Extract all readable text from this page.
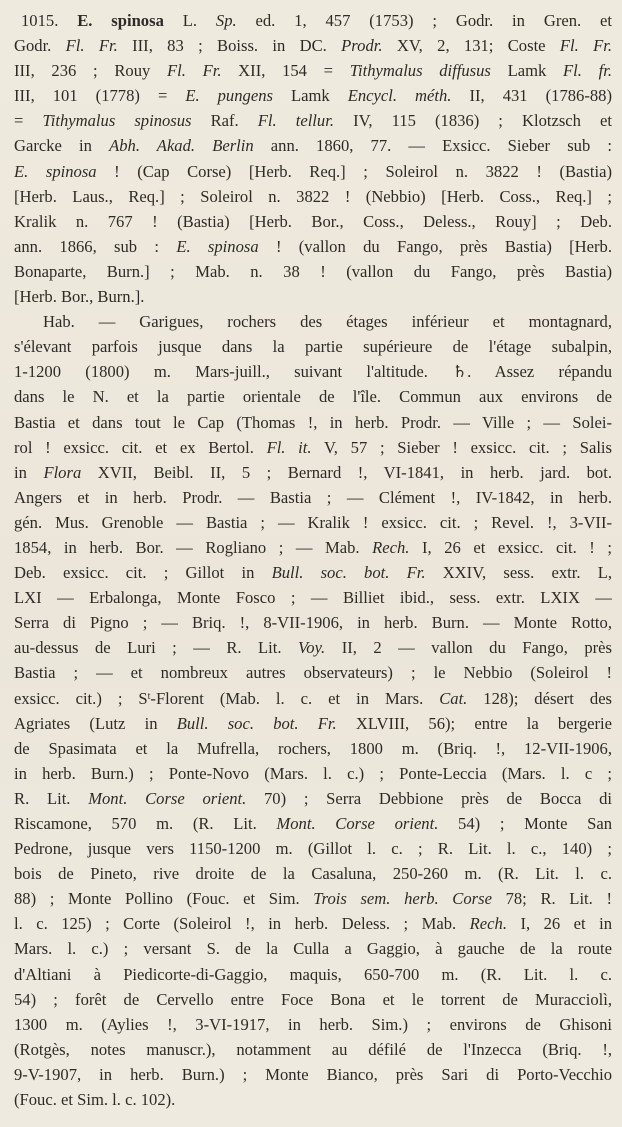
1015. E. spinosa L. Sp. ed. 1, 457 (1753) ; Godr. in Gren. et
Godr. Fl. Fr. III, 83 ; Boiss. in DC. Prodr. XV, 2, 131; Coste Fl. Fr.
III, 236 ; Rouy Fl. Fr. XII, 154 = Tithymalus diffusus Lamk Fl. fr.
III, 101 (1778) = E. pungens Lamk Encycl. méth. II, 431 (1786-88)
= Tithymalus spinosus Raf. Fl. tellur. IV, 115 (1836) ; Klotzsch et
Garcke in Abh. Akad. Berlin ann. 1860, 77. — Exsicc. Sieber sub :
E. spinosa ! (Cap Corse) [Herb. Req.] ; Soleirol n. 3822 ! (Bastia)
[Herb. Laus., Req.] ; Soleirol n. 3822 ! (Nebbio) [Herb. Coss., Req.] ;
Kralik n. 767 ! (Bastia) [Herb. Bor., Coss., Deless., Rouy] ; Deb.
ann. 1866, sub : E. spinosa ! (vallon du Fango, près Bastia) [Herb.
Bonaparte, Burn.] ; Mab. n. 38 ! (vallon du Fango, près Bastia)
[Herb. Bor., Burn.].
Hab. — Garigues, rochers des étages inférieur et montagnard,
s'élevant parfois jusque dans la partie supérieure de l'étage subalpin,
1-1200 (1800) m. Mars-juill., suivant l'altitude. ♄. Assez répandu
dans le N. et la partie orientale de l'île. Commun aux environs de
Bastia et dans tout le Cap (Thomas !, in herb. Prodr. — Ville ; — Solei-
rol ! exsicc. cit. et ex Bertol. Fl. it. V, 57 ; Sieber ! exsicc. cit. ; Salis
in Flora XVII, Beibl. II, 5 ; Bernard !, VI-1841, in herb. jard. bot.
Angers et in herb. Prodr. — Bastia ; — Clément !, IV-1842, in herb.
gén. Mus. Grenoble — Bastia ; — Kralik ! exsicc. cit. ; Revel. !, 3-VII-
1854, in herb. Bor. — Rogliano ; — Mab. Rech. I, 26 et exsicc. cit. ! ;
Deb. exsicc. cit. ; Gillot in Bull. soc. bot. Fr. XXIV, sess. extr. L,
LXI — Erbalonga, Monte Fosco ; — Billiet ibid., sess. extr. LXIX —
Serra di Pigno ; — Briq. !, 8-VII-1906, in herb. Burn. — Monte Rotto,
au-dessus de Luri ; — R. Lit. Voy. II, 2 — vallon du Fango, près
Bastia ; — et nombreux autres observateurs) ; le Nebbio (Soleirol !
exsicc. cit.) ; $S^t$-Florent (Mab. l. c. et in Mars. Cat. 128); désert des
Agriates (Lutz in Bull. soc. bot. Fr. XLVIII, 56); entre la bergerie
de Spasimata et la Mufrella, rochers, 1800 m. (Briq. !, 12-VII-1906,
in herb. Burn.) ; Ponte-Novo (Mars. l. c.) ; Ponte-Leccia (Mars. l. c ;
R. Lit. Mont. Corse orient. 70) ; Serra Debbione près de Bocca di
Riscamone, 570 m. (R. Lit. Mont. Corse orient. 54) ; Monte San
Pedrone, jusque vers 1150-1200 m. (Gillot l. c. ; R. Lit. l. c., 140) ;
bois de Pineto, rive droite de la Casaluna, 250-260 m. (R. Lit. l. c.
88) ; Monte Pollino (Fouc. et Sim. Trois sem. herb. Corse 78; R. Lit. !
l. c. 125) ; Corte (Soleirol !, in herb. Deless. ; Mab. Rech. I, 26 et in
Mars. l. c.) ; versant S. de la Culla a Gaggio, à gauche de la route
d'Altiani à Piedicorte-di-Gaggio, maquis, 650-700 m. (R. Lit. l. c.
54) ; forêt de Cervello entre Foce Bona et le torrent de Muracciolì,
1300 m. (Aylies !, 3-VI-1917, in herb. Sim.) ; environs de Ghisoni
(Rotgès, notes manuscr.), notamment au défilé de l'Inzecca (Briq. !,
9-V-1907, in herb. Burn.) ; Monte Bianco, près Sari di Porto-Vecchio
(Fouc. et Sim. l. c. 102).
